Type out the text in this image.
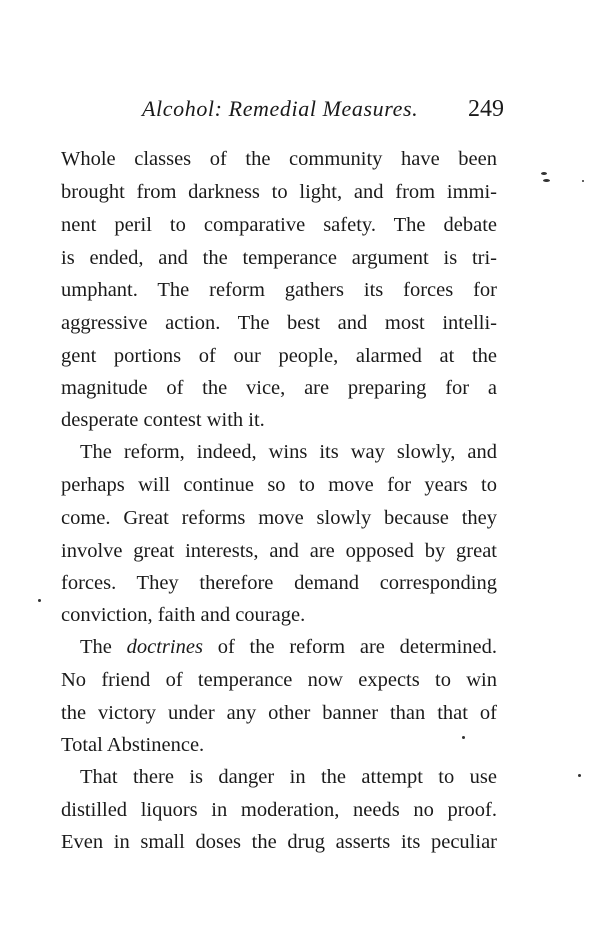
Alcohol: Remedial Measures. 249
Whole classes of the community have been
brought from darkness to light, and from immi-
nent peril to comparative safety. The debate
is ended, and the temperance argument is tri-
umphant. The reform gathers its forces for
aggressive action. The best and most intelli-
gent portions of our people, alarmed at the
magnitude of the vice, are preparing for a
desperate contest with it.
The reform, indeed, wins its way slowly, and
perhaps will continue so to move for years to
come. Great reforms move slowly because they
involve great interests, and are opposed by great
forces. They therefore demand corresponding
conviction, faith and courage.
The doctrines of the reform are determined.
No friend of temperance now expects to win
the victory under any other banner than that of
Total Abstinence.
That there is danger in the attempt to use
distilled liquors in moderation, needs no proof.
Even in small doses the drug asserts its peculiar
